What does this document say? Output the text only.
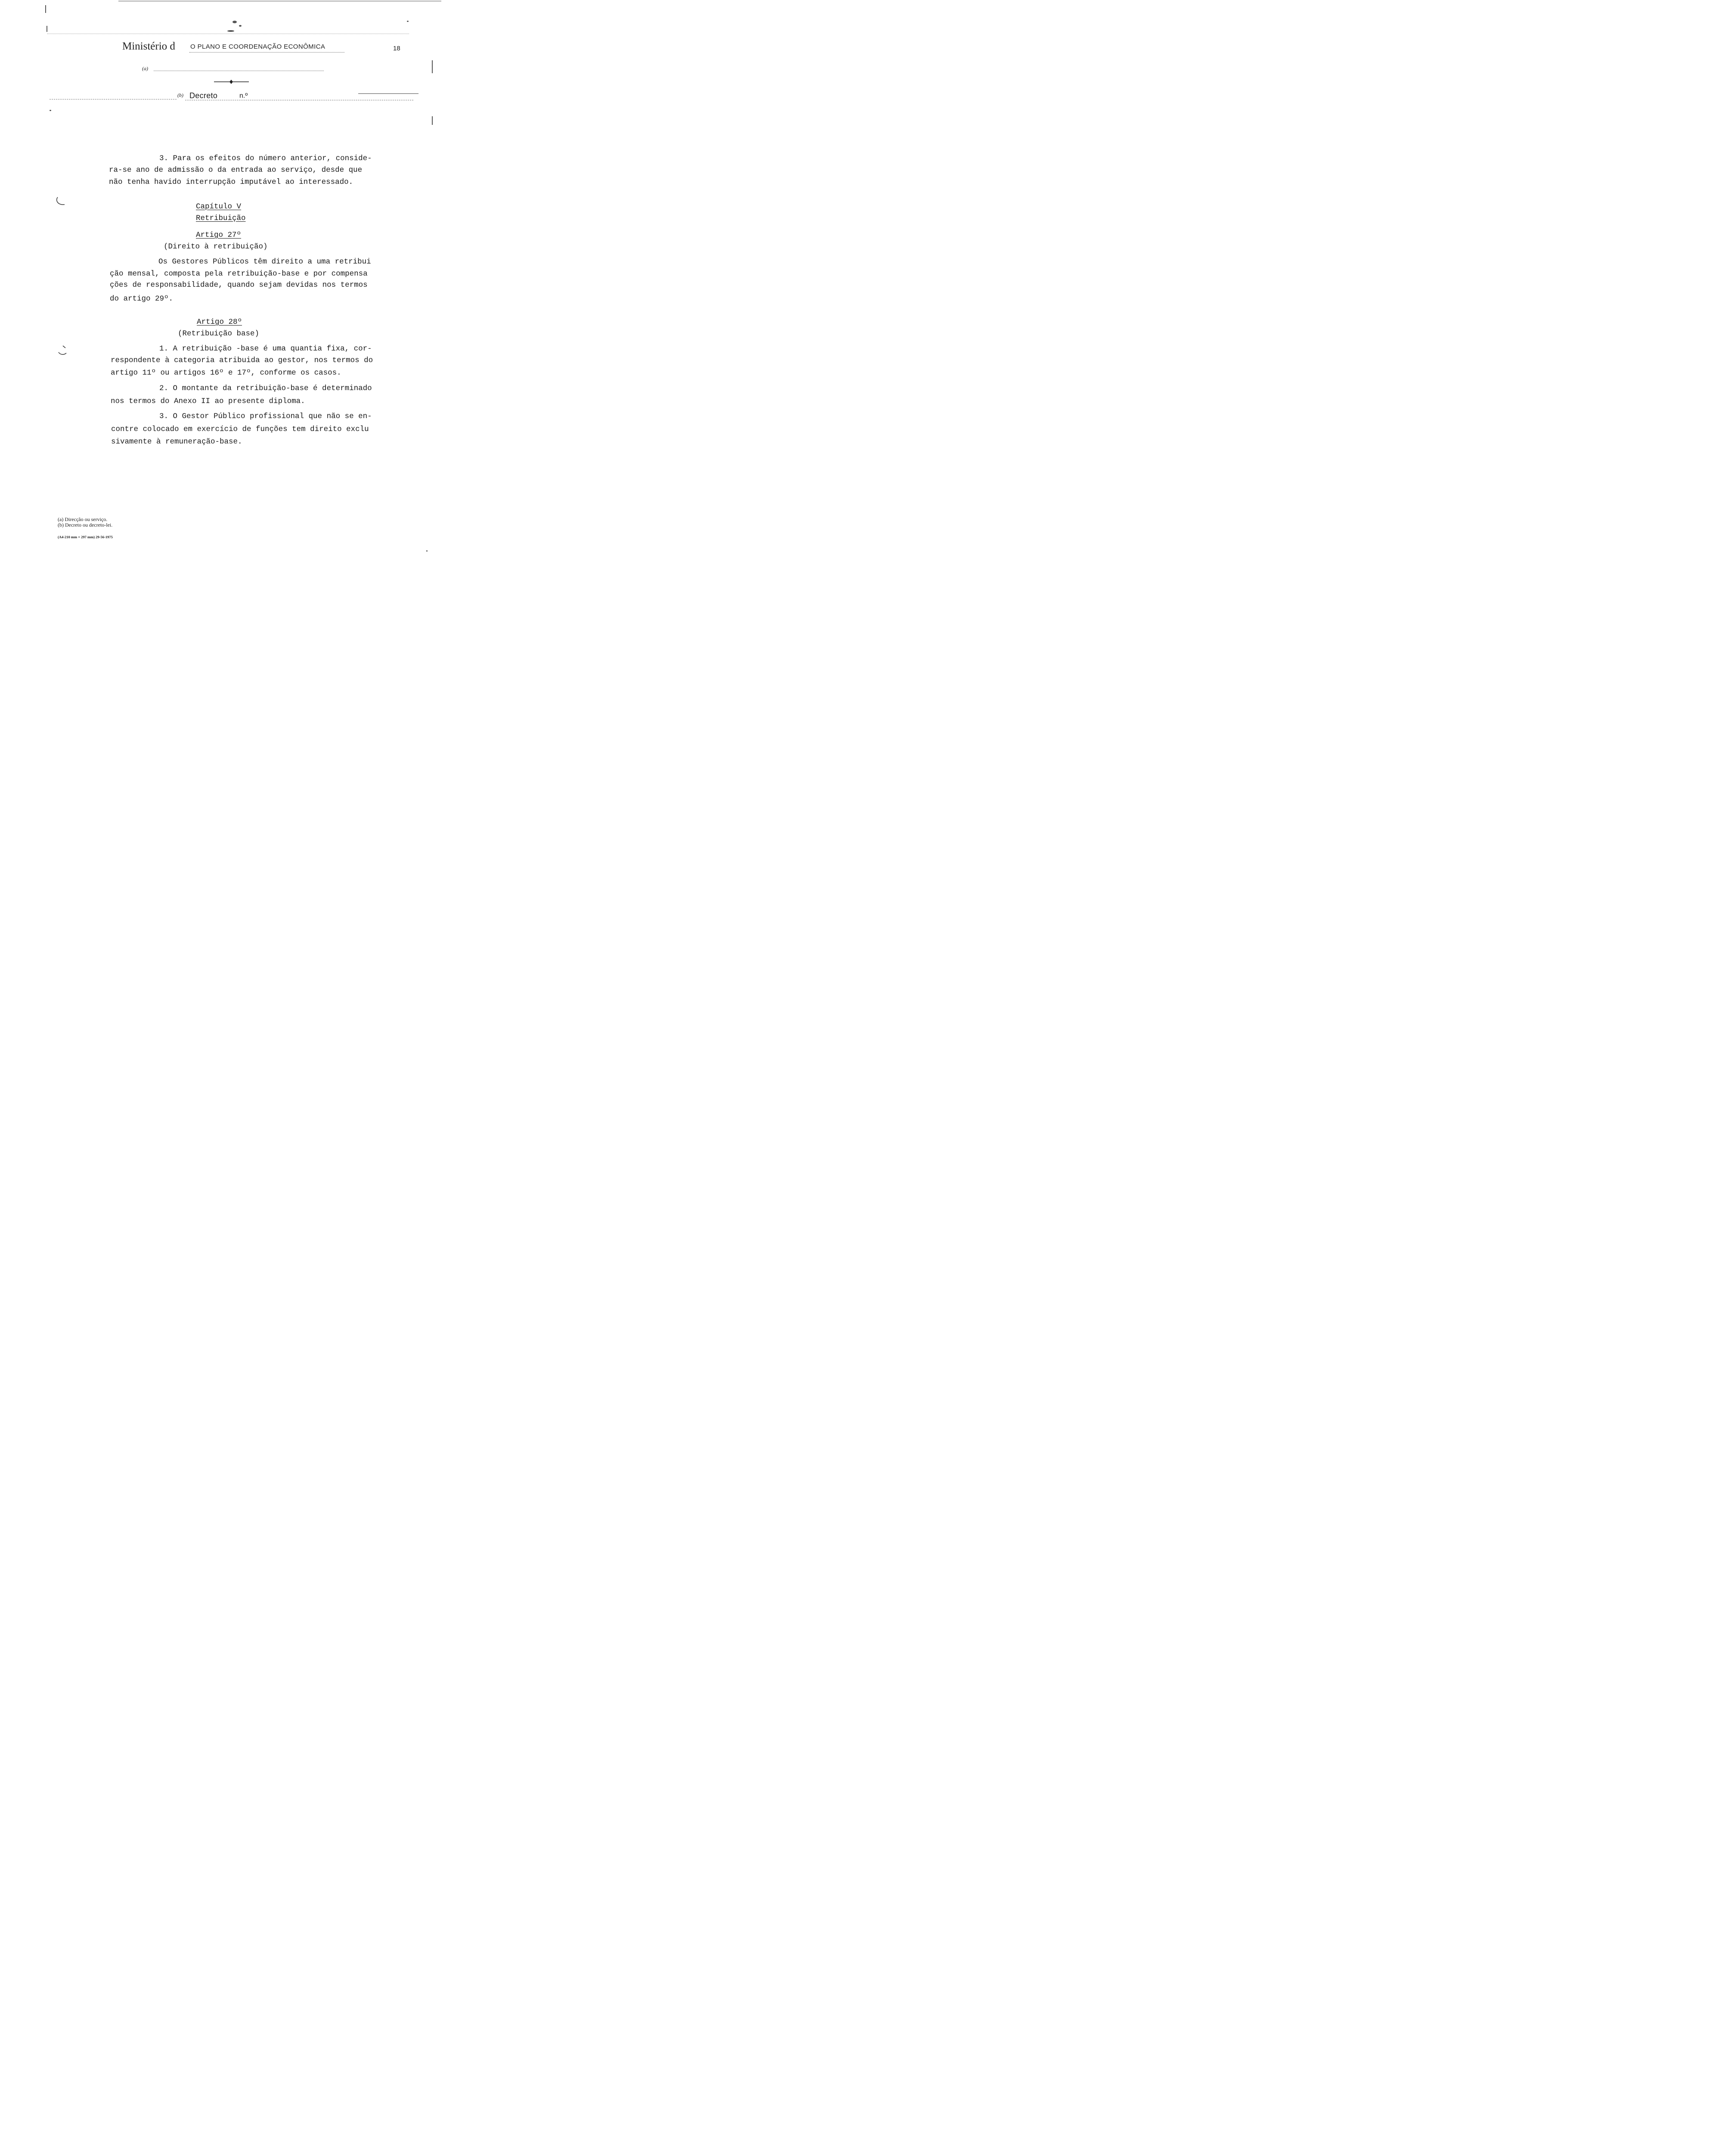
Ministério d O PLANO E COORDENAÇÃO ECONÔMICA	18
(a)
(b) Decreto	n.º
3. Para os efeitos do número anterior, conside-
ra-se ano de admissão o da entrada ao serviço, desde que
não tenha havido interrupção imputável ao interessado.
Capítulo V
Retribuição
Artigo 27º
(Direito à retribuição)
Os Gestores Públicos têm direito a uma retribui
ção mensal, composta pela retribuição-base e por compensa
ções de responsabilidade, quando sejam devidas nos termos
do artigo 29º.
Artigo 28º
(Retribuição base)
1. A retribuição -base é uma quantia fixa, cor-
respondente à categoria atribuida ao gestor, nos termos do
artigo 11º ou artigos 16º e 17º, conforme os casos.
2. O montante da retribuição-base é determinado
nos termos do Anexo II ao presente diploma.
3. O Gestor Público profissional que não se en-
contre colocado em exercício de funções tem direito exclu
sivamente à remuneração-base.
(a) Direcção ou serviço.
(b) Decreto ou decreto-lei.
(A4-210 mm × 297 mm) 29-56-1975
